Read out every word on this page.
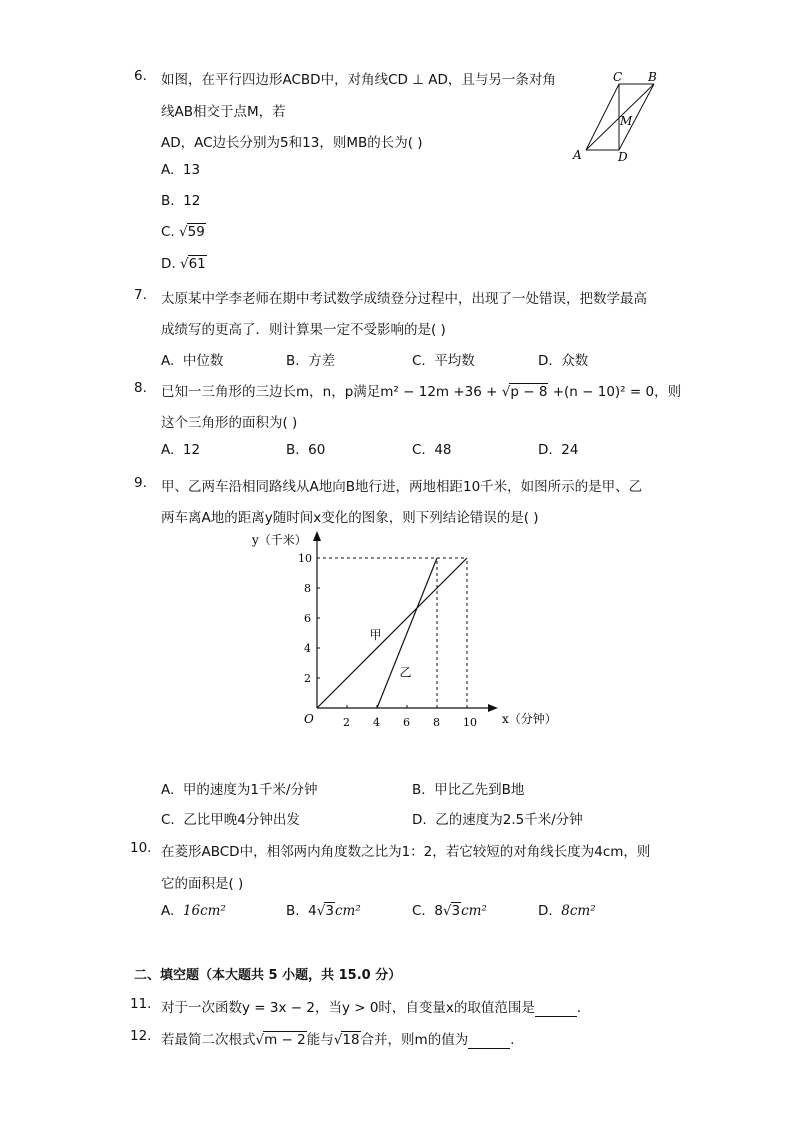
6. 如图，在平行四边形ACBD中，对角线CD ⊥ AD，且与另一条对角
线AB相交于点M，若
AD，AC边长分别为5和13，则MB的长为( )
A. 13
B. 12
C. √59
D. √61
C B
M
A	D
7. 太原某中学李老师在期中考试数学成绩登分过程中，出现了一处错误，把数学最高
成绩写的更高了．则计算果一定不受影响的是( )
A. 中位数	B. 方差	C. 平均数	D. 众数
8. 已知一三角形的三边长m，n，p满足m² − 12m +36 + √p − 8 +(n − 10)² = 0，则
这个三角形的面积为( )
A. 12	B. 60	C. 48	D. 24
9. 甲、乙两车沿相同路线从A地向B地行进，两地相距10千米，如图所示的是甲、乙
两车离A地的距离y随时间x变化的图象，则下列结论错误的是( )
2 4 6 8 10
2
4
6
8
10
甲
乙
O	x（分钟）
y（千米）
A. 甲的速度为1千米/分钟	B. 甲比乙先到B地
C. 乙比甲晚4分钟出发	D. 乙的速度为2.5千米/分钟
10. 在菱形ABCD中，相邻两内角度数之比为1：2，若它较短的对角线长度为4cm，则
它的面积是( )
A. 16cm²	B. 4√3cm²	C. 8√3cm²	D. 8cm²
二、填空题（本大题共 5 小题，共 15.0 分）
11. 对于一次函数y = 3x − 2，当y > 0时，自变量x的取值范围是	．
12. 若最简二次根式√m − 2能与√18合并，则m的值为	．
